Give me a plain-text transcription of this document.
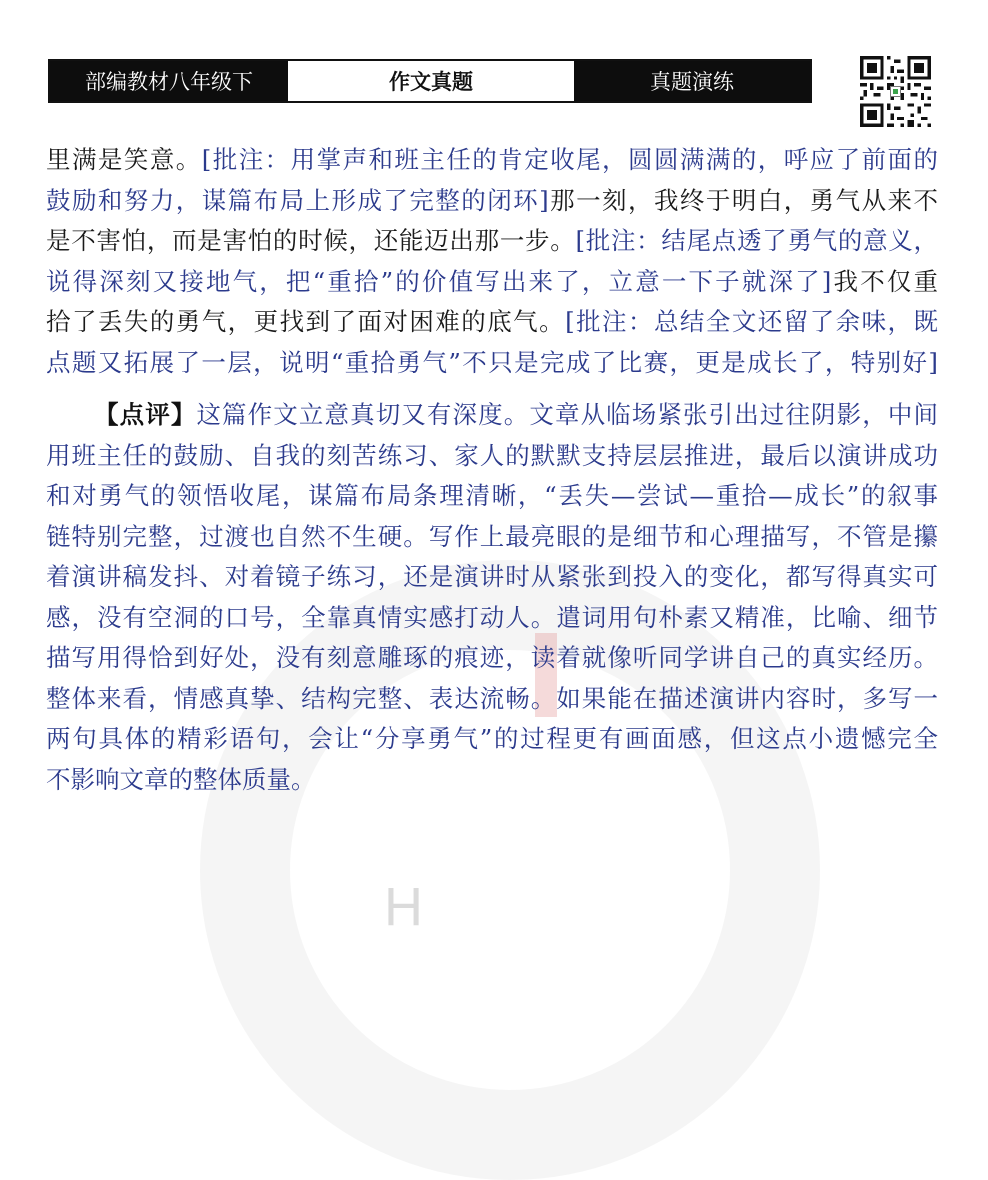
H
部编教材八年级下	作文真题	真题演练
里满是笑意。[批注：用掌声和班主任的肯定收尾，圆圆满满的，呼应了前面的
鼓励和努力，谋篇布局上形成了完整的闭环]那一刻，我终于明白，勇气从来不
是不害怕，而是害怕的时候，还能迈出那一步。[批注：结尾点透了勇气的意义，
说得深刻又接地气，把“重拾”的价值写出来了，立意一下子就深了]我不仅重
拾了丢失的勇气，更找到了面对困难的底气。[批注：总结全文还留了余味，既
点题又拓展了一层，说明“重拾勇气”不只是完成了比赛，更是成长了，特别好]
【点评】这篇作文立意真切又有深度。文章从临场紧张引出过往阴影，中间
用班主任的鼓励、自我的刻苦练习、家人的默默支持层层推进，最后以演讲成功
和对勇气的领悟收尾，谋篇布局条理清晰，“丢失—尝试—重拾—成长”的叙事
链特别完整，过渡也自然不生硬。写作上最亮眼的是细节和心理描写，不管是攥
着演讲稿发抖、对着镜子练习，还是演讲时从紧张到投入的变化，都写得真实可
感，没有空洞的口号，全靠真情实感打动人。遣词用句朴素又精准，比喻、细节
描写用得恰到好处，没有刻意雕琢的痕迹，读着就像听同学讲自己的真实经历。
整体来看，情感真挚、结构完整、表达流畅。如果能在描述演讲内容时，多写一
两句具体的精彩语句，会让“分享勇气”的过程更有画面感，但这点小遗憾完全
不影响文章的整体质量。
